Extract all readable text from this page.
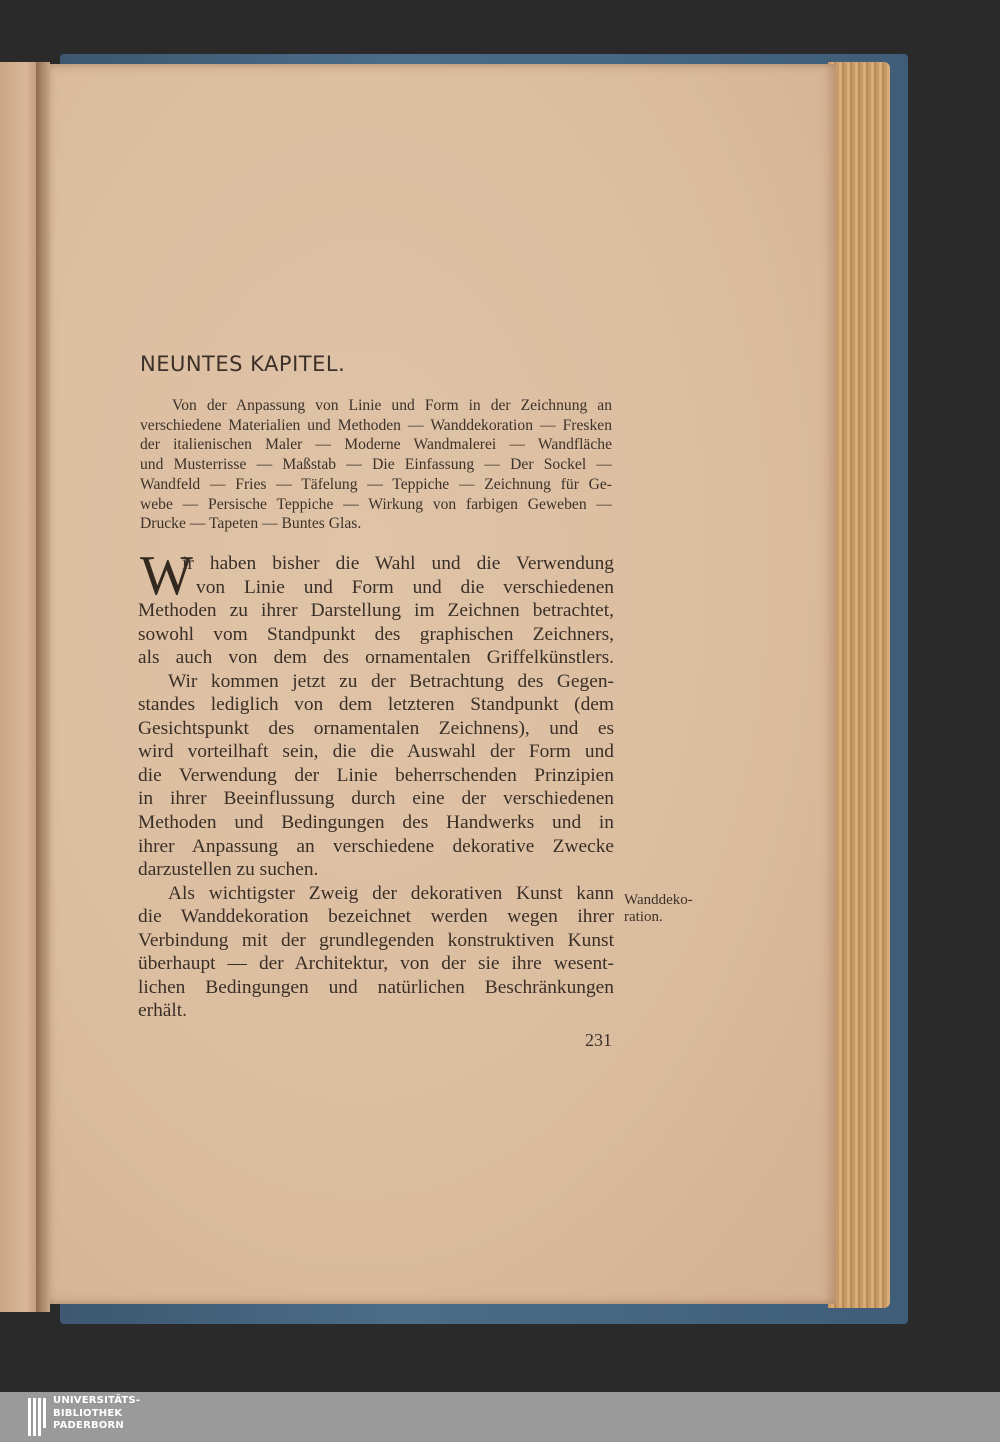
NEUNTES KAPITEL.
Von der Anpassung von Linie und Form in der Zeichnung an
verschiedene Materialien und Methoden — Wanddekoration — Fresken
der italienischen Maler — Moderne Wandmalerei — Wandfläche
und Musterrisse — Maßstab — Die Einfassung — Der Sockel —
Wandfeld — Fries — Täfelung — Teppiche — Zeichnung für Ge-
webe — Persische Teppiche — Wirkung von farbigen Geweben —
Drucke — Tapeten — Buntes Glas.
W
ir haben bisher die Wahl und die Verwendung
von Linie und Form und die verschiedenen
Methoden zu ihrer Darstellung im Zeichnen betrachtet,
sowohl vom Standpunkt des graphischen Zeichners,
als auch von dem des ornamentalen Griffelkünstlers.
Wir kommen jetzt zu der Betrachtung des Gegen-
standes lediglich von dem letzteren Standpunkt (dem
Gesichtspunkt des ornamentalen Zeichnens), und es
wird vorteilhaft sein, die die Auswahl der Form und
die Verwendung der Linie beherrschenden Prinzipien
in ihrer Beeinflussung durch eine der verschiedenen
Methoden und Bedingungen des Handwerks und in
ihrer Anpassung an verschiedene dekorative Zwecke
darzustellen zu suchen.
Als wichtigster Zweig der dekorativen Kunst kann
die Wanddekoration bezeichnet werden wegen ihrer
Verbindung mit der grundlegenden konstruktiven Kunst
überhaupt — der Architektur, von der sie ihre wesent-
lichen Bedingungen und natürlichen Beschränkungen
erhält.
Wanddeko-
ration.
231
UNIVERSITÄTS-
BIBLIOTHEK
PADERBORN
